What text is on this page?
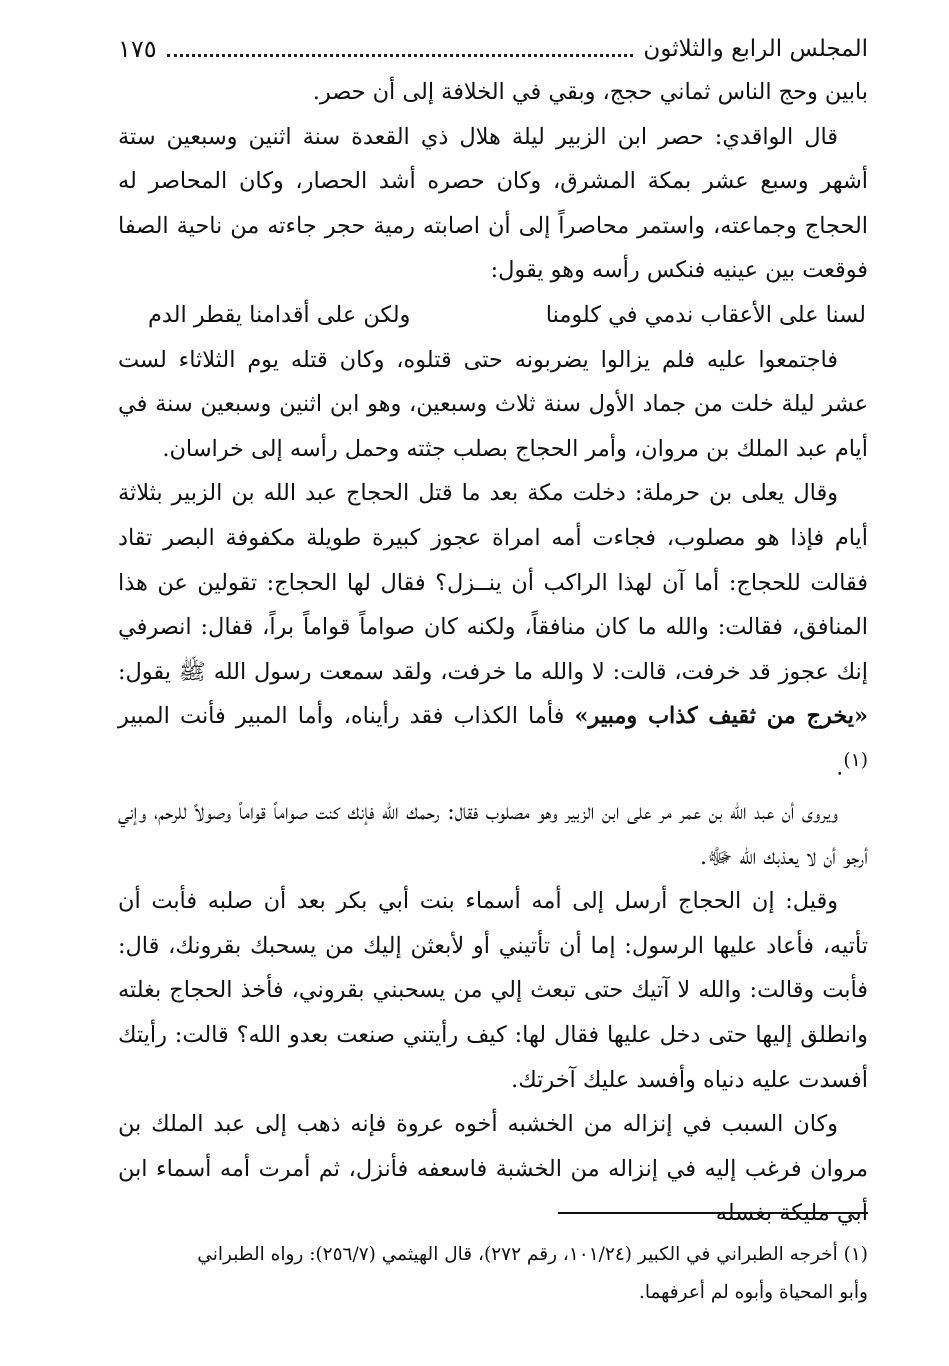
المجلس الرابع والثلاثون
١٧٥

بابين وحج الناس ثماني حجج، وبقي في الخلافة إلى أن حصر.

قال الواقدي: حصر ابن الزبير ليلة هلال ذي القعدة سنة اثنين وسبعين ستة أشهر وسبع عشر بمكة المشرق، وكان حصره أشد الحصار، وكان المحاصر له الحجاج وجماعته، واستمر محاصراً إلى أن اصابته رمية حجر جاءته من ناحية الصفا فوقعت بين عينيه فنكس رأسه وهو يقول:

لسنا على الأعقاب ندمي في كلومنا
ولكن على أقدامنا يقطر الدم

فاجتمعوا عليه فلم يزالوا يضربونه حتى قتلوه، وكان قتله يوم الثلاثاء لست عشر ليلة خلت من جماد الأول سنة ثلاث وسبعين، وهو ابن اثنين وسبعين سنة في أيام عبد الملك بن مروان، وأمر الحجاج بصلب جثته وحمل رأسه إلى خراسان.

وقال يعلى بن حرملة: دخلت مكة بعد ما قتل الحجاج عبد الله بن الزبير بثلاثة أيام فإذا هو مصلوب، فجاءت أمه امراة عجوز كبيرة طويلة مكفوفة البصر تقاد فقالت للحجاج: أما آن لهذا الراكب أن ينــزل؟ فقال لها الحجاج: تقولين عن هذا المنافق، فقالت: والله ما كان منافقاً، ولكنه كان صواماً قواماً براً، قفال: انصرفي إنك عجوز قد خرفت، قالت: لا والله ما خرفت، ولقد سمعت رسول الله ﷺ يقول: «يخرج من ثقيف كذاب ومبير» فأما الكذاب فقد رأيناه، وأما المبير فأنت المبير $^{(١)}$.

ويروى أن عبد الله بن عمر مر على ابن الزبير وهو مصلوب فقال: رحمك الله فإنك كنت صواماً قواماً وصولاً للرحم، وإني أرجو أن لا يعذبك الله ﷻ.

وقيل: إن الحجاج أرسل إلى أمه أسماء بنت أبي بكر بعد أن صلبه فأبت أن تأتيه، فأعاد عليها الرسول: إما أن تأتيني أو لأبعثن إليك من يسحبك بقرونك، قال: فأبت وقالت: والله لا آتيك حتى تبعث إلي من يسحبني بقروني، فأخذ الحجاج بغلته وانطلق إليها حتى دخل عليها فقال لها: كيف رأيتني صنعت بعدو الله؟ قالت: رأيتك أفسدت عليه دنياه وأفسد عليك آخرتك.

وكان السبب في إنزاله من الخشبه أخوه عروة فإنه ذهب إلى عبد الملك بن مروان فرغب إليه في إنزاله من الخشبة فاسعفه فأنزل، ثم أمرت أمه أسماء ابن أبي مليكة بغسله

(١) أخرجه الطبراني في الكبير (١٠١/٢٤، رقم ٢٧٢)، قال الهيثمي (٢٥٦/٧): رواه الطبراني

وأبو المحياة وأبوه لم أعرفهما.
